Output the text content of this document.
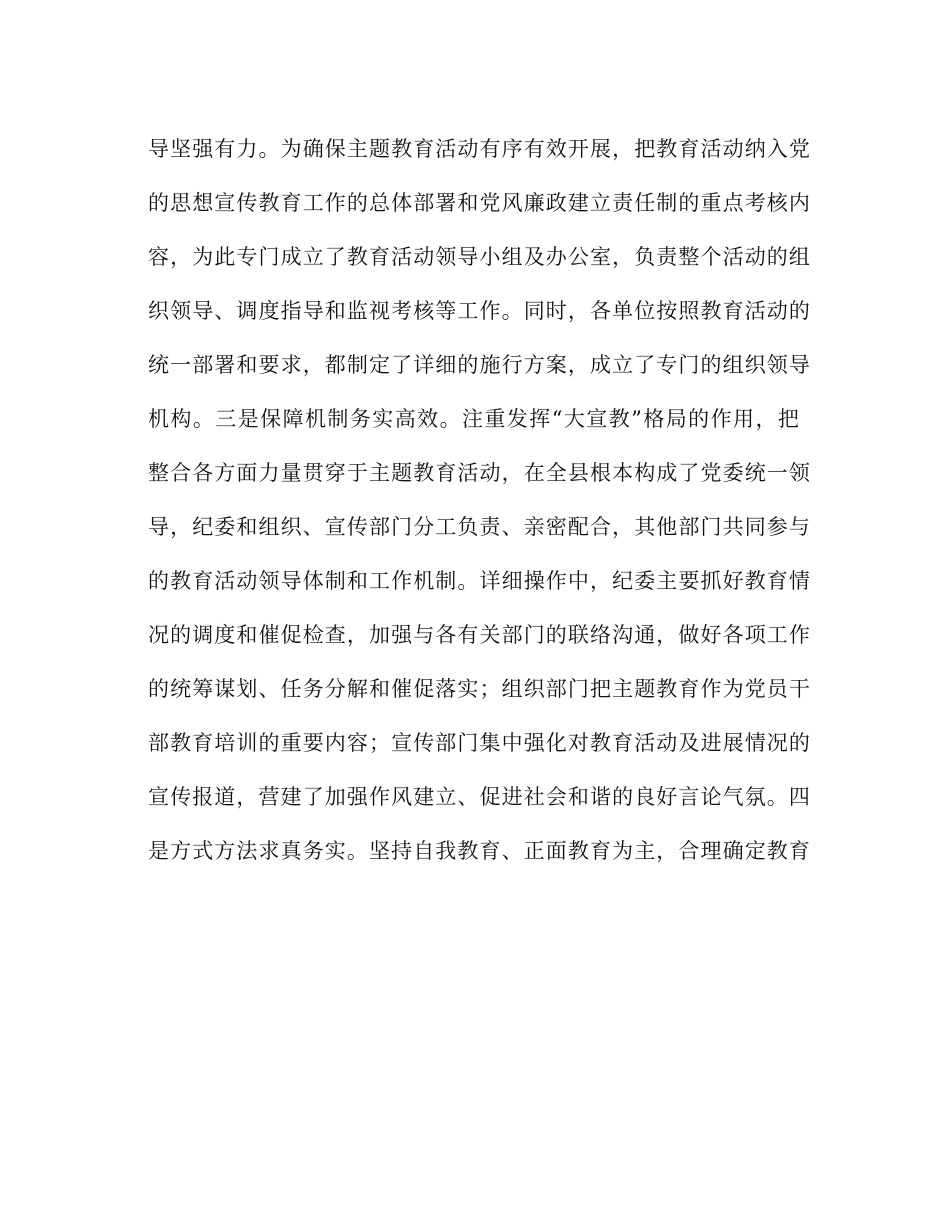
导坚强有力。为确保主题教育活动有序有效开展，把教育活动纳入党
的思想宣传教育工作的总体部署和党风廉政建立责任制的重点考核内
容，为此专门成立了教育活动领导小组及办公室，负责整个活动的组
织领导、调度指导和监视考核等工作。同时，各单位按照教育活动的
统一部署和要求，都制定了详细的施行方案，成立了专门的组织领导
机构。三是保障机制务实高效。注重发挥“大宣教”格局的作用，把
整合各方面力量贯穿于主题教育活动，在全县根本构成了党委统一领
导，纪委和组织、宣传部门分工负责、亲密配合，其他部门共同参与
的教育活动领导体制和工作机制。详细操作中，纪委主要抓好教育情
况的调度和催促检查，加强与各有关部门的联络沟通，做好各项工作
的统筹谋划、任务分解和催促落实；组织部门把主题教育作为党员干
部教育培训的重要内容；宣传部门集中强化对教育活动及进展情况的
宣传报道，营建了加强作风建立、促进社会和谐的良好言论气氛。四
是方式方法求真务实。坚持自我教育、正面教育为主，合理确定教育
